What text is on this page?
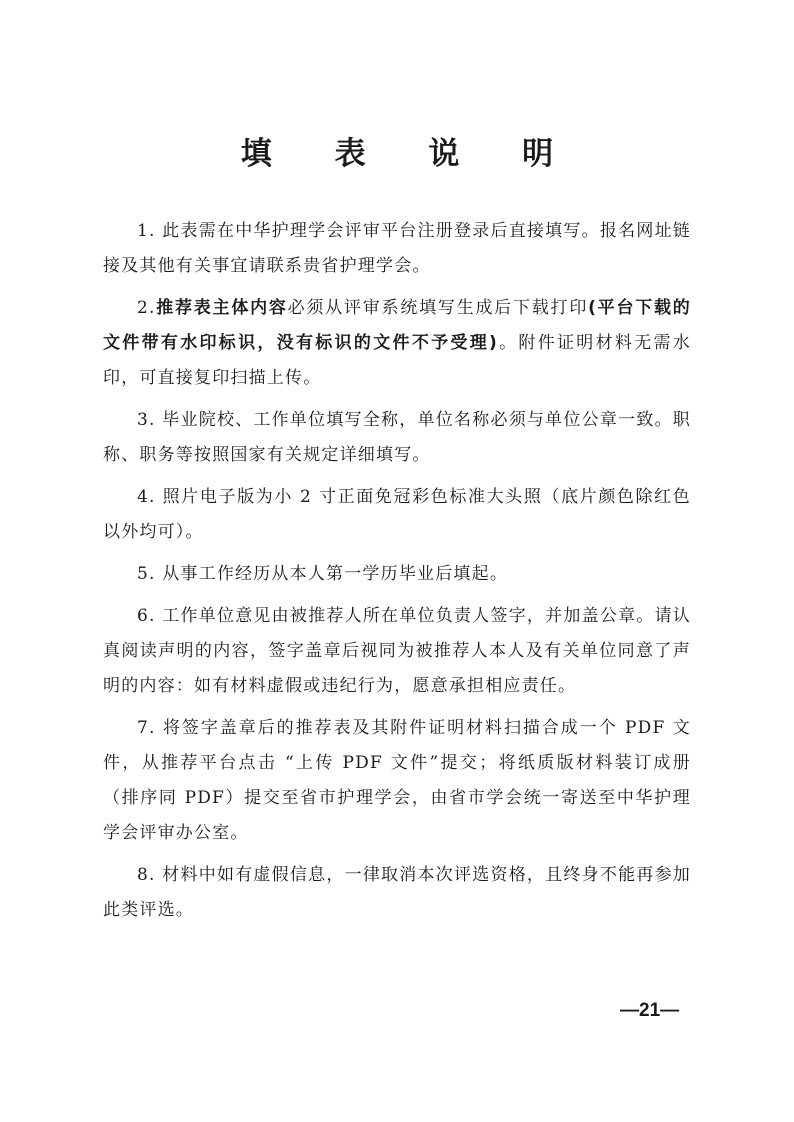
填 表 说 明

1. 此表需在中华护理学会评审平台注册登录后直接填写。报名网址链接及其他有关事宜请联系贵省护理学会。

2.推荐表主体内容必须从评审系统填写生成后下载打印(平台下载的文件带有水印标识，没有标识的文件不予受理)。附件证明材料无需水印，可直接复印扫描上传。

3. 毕业院校、工作单位填写全称，单位名称必须与单位公章一致。职称、职务等按照国家有关规定详细填写。

4. 照片电子版为小 2 寸正面免冠彩色标准大头照（底片颜色除红色以外均可）。

5. 从事工作经历从本人第一学历毕业后填起。

6. 工作单位意见由被推荐人所在单位负责人签字，并加盖公章。请认真阅读声明的内容，签字盖章后视同为被推荐人本人及有关单位同意了声明的内容：如有材料虚假或违纪行为，愿意承担相应责任。

7. 将签字盖章后的推荐表及其附件证明材料扫描合成一个 PDF 文件，从推荐平台点击 “上传 PDF 文件”提交；将纸质版材料装订成册（排序同 PDF）提交至省市护理学会，由省市学会统一寄送至中华护理学会评审办公室。

8. 材料中如有虚假信息，一律取消本次评选资格，且终身不能再参加此类评选。

—21—
